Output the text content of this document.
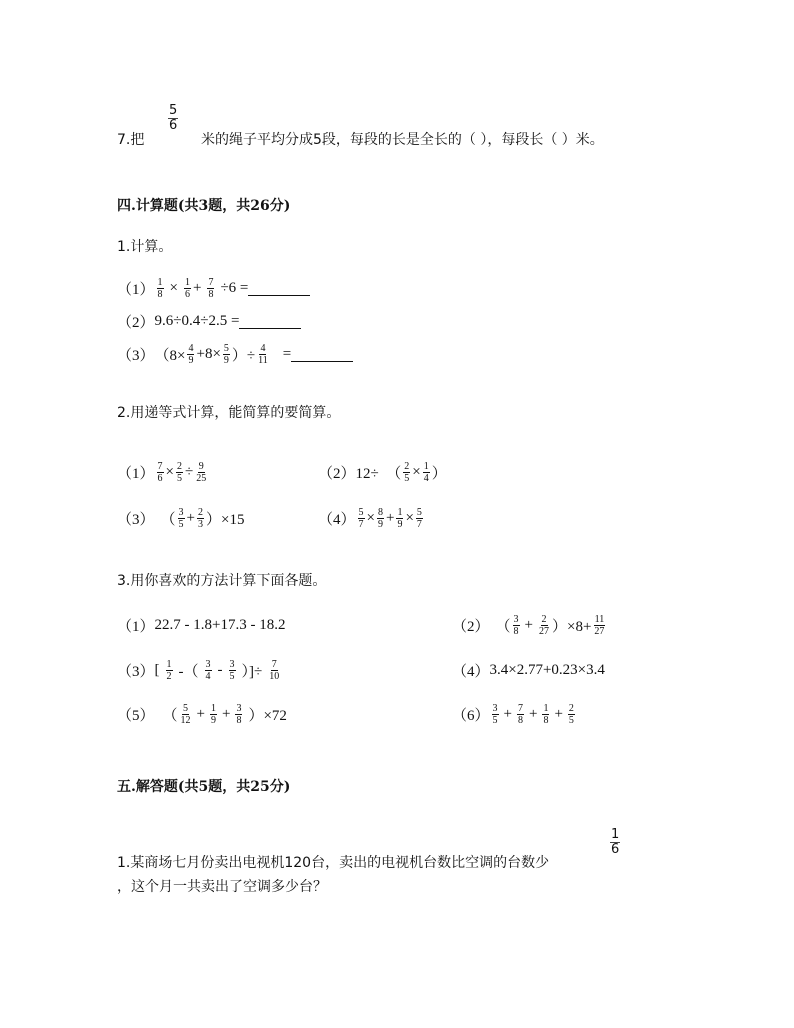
7.把
$\frac{5}{6}$
米的绳子平均分成5段，每段的长是全长的（ ），每段长（ ）米。
四.计算题(共3题，共26分)
1.计算。
$(1) \frac{1}{8} \times \frac{1}{6} + \frac{7}{8} \div 6$ =
（2） 9.6÷0.4÷2.5 =
（3） （$8\times \frac{4}{9} +8\times \frac{5}{9}$ ）÷ $\frac{4}{11}$ =
2.用递等式计算，能简算的要简算。
$(1) \frac{7}{6} \times \frac{2}{5} \div \frac{9}{25}$	（2） 12÷  （ $\frac{2}{5} \times \frac{1}{4}$ ）
（3） （ $\frac{3}{5} + \frac{2}{3} )\times 15$	$(4) \frac{5}{7} \times \frac{8}{9} + \frac{1}{9} \times \frac{5}{7}$
3.用你喜欢的方法计算下面各题。
（1） 22.7 - 1.8+17.3 - 18.2	（2） （ $\frac{3}{8} + \frac{2}{27} )\times 8+ \frac{11}{27}$
（3） [ $\frac{1}{2}$ -（ $\frac{3}{4} - \frac{3}{5}$ ）]÷ $\frac{7}{10}$	（4） 3.4×2.77+0.23×3.4
（5） （ $\frac{5}{12} + \frac{1}{9} + \frac{3}{8} )\times 72$	$(6) \frac{3}{5} + \frac{7}{8} + \frac{1}{8} + \frac{2}{5}$
五.解答题(共5题，共25分)
$\frac{1}{6}$
1.某商场七月份卖出电视机120台，卖出的电视机台数比空调的台数少
，这个月一共卖出了空调多少台？
